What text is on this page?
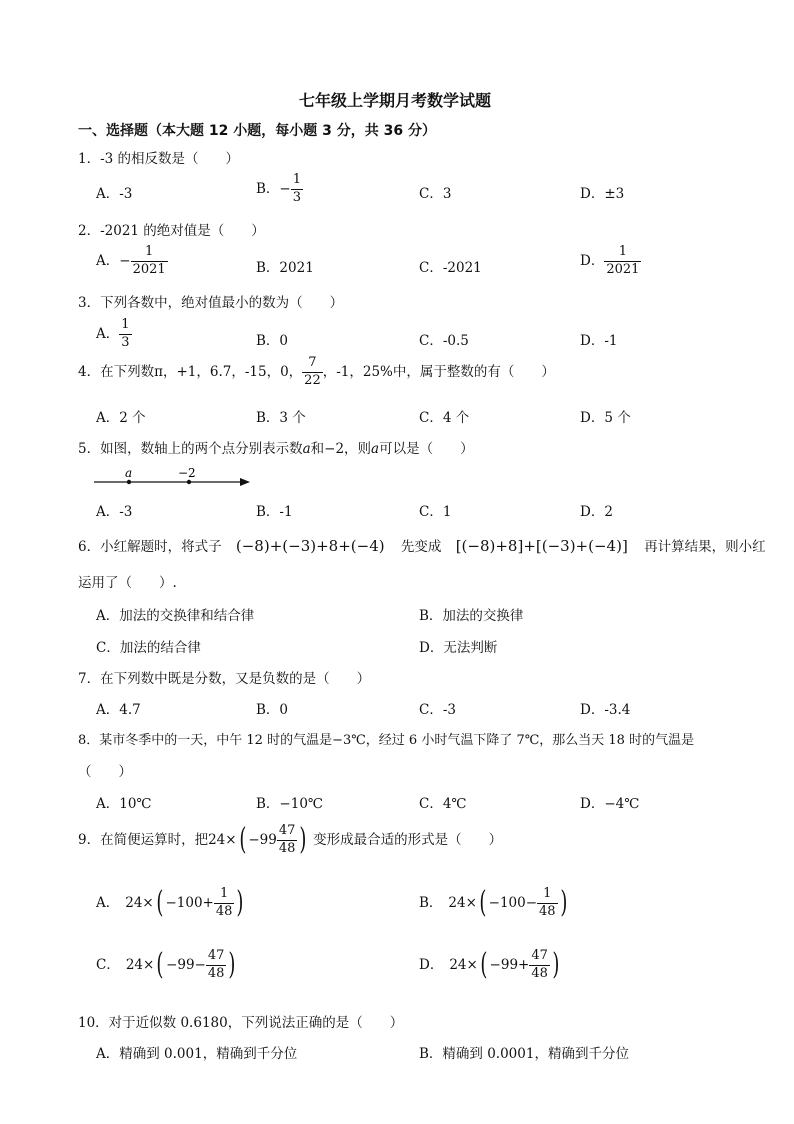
七年级上学期月考数学试题
一、选择题（本大题 12 小题，每小题 3 分，共 36 分）
1．-3 的相反数是（　　）
A．-3	B．− $\frac{1}{3}$	C．3	D．±3
2．-2021 的绝对值是（　　）
A．− $\frac{1}{2021}$	B．2021	C．-2021	D． $\frac{1}{2021}$
3．下列各数中，绝对值最小的数为（　　）
A． $\frac{1}{3}$	B．0	C．-0.5	D．-1
4．在下列数π，+1，6.7，-15，0， $\frac{7}{22}$ ，-1，25%中，属于整数的有（　　）
A．2 个	B．3 个	C．4 个	D．5 个
5．如图，数轴上的两个点分别表示数𝑎和−2，则𝑎可以是（　　）
a	−2
A．-3	B．-1	C．1	D．2
6．小红解题时，将式子 (−8)+(−3)+8+(−4) 先变成 [(−8)+8]+[(−3)+(−4)] 再计算结果，则小红
运用了（　　）.
A．加法的交换律和结合律	B．加法的交换律
C．加法的结合律	D．无法判断
7．在下列数中既是分数，又是负数的是（　　）
A．4.7	B．0	C．-3	D．-3.4
8．某市冬季中的一天，中午 12 时的气温是−3℃，经过 6 小时气温下降了 7℃，那么当天 18 时的气温是
（　　）
A．10℃	B．−10℃	C．4℃	D．−4℃
9．在简便运算时，把$24\times( -99 \frac{47}{48}$ ) 变形成最合适的形式是（　　）
A． $24\times( -100+ \frac{1}{48}$ )	B． $24\times( -100- \frac{1}{48}$ )
C． $24\times( -99- \frac{47}{48}$ )	D． $24\times( -99+ \frac{47}{48}$ )
10．对于近似数 0.6180，下列说法正确的是（　　）
A．精确到 0.001，精确到千分位	B．精确到 0.0001，精确到千分位
